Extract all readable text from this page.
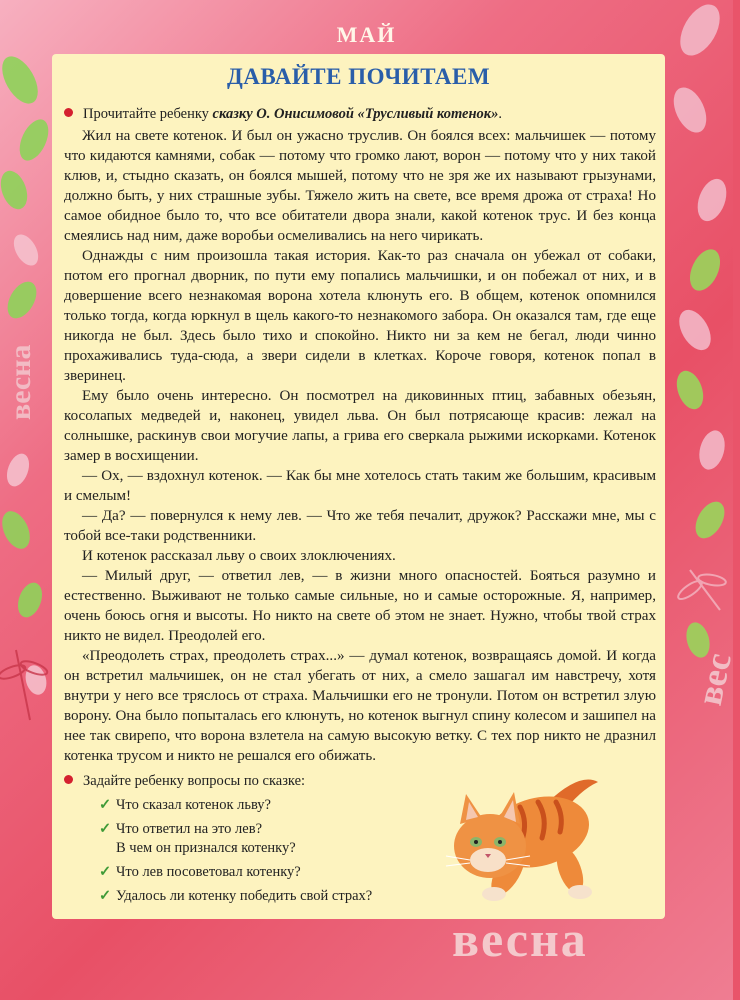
весна
вес
МАЙ
ДАВАЙТЕ ПОЧИТАЕМ
Прочитайте ребенку сказку О. Онисимовой «Трусливый котенок».

Жил на свете котенок. И был он ужасно труслив. Он боялся всех: мальчишек — потому что кидаются камнями, собак — потому что громко лают, ворон — потому что у них такой клюв, и, стыдно сказать, он боялся мышей, потому что не зря же их называют грызунами, должно быть, у них страшные зубы. Тяжело жить на свете, все время дрожа от страха! Но самое обидное было то, что все обитатели двора знали, какой котенок трус. И без конца смеялись над ним, даже воробьи осмеливались на него чирикать.

Однажды с ним произошла такая история. Как-то раз сначала он убежал от собаки, потом его прогнал дворник, по пути ему попались мальчишки, и он побежал от них, и в довершение всего незнакомая ворона хотела клюнуть его. В общем, котенок опомнился только тогда, когда юркнул в щель какого-то незнакомого забора. Он оказался там, где еще никогда не был. Здесь было тихо и спокойно. Никто ни за кем не бегал, люди чинно прохаживались туда-сюда, а звери сидели в клетках. Короче говоря, котенок попал в зверинец.

Ему было очень интересно. Он посмотрел на диковинных птиц, забавных обезьян, косолапых медведей и, наконец, увидел льва. Он был потрясающе красив: лежал на солнышке, раскинув свои могучие лапы, а грива его сверкала рыжими искорками. Котенок замер в восхищении.

— Ох, — вздохнул котенок. — Как бы мне хотелось стать таким же большим, красивым и смелым!

— Да? — повернулся к нему лев. — Что же тебя печалит, дружок? Расскажи мне, мы с тобой все-таки родственники.

И котенок рассказал льву о своих злоключениях.

— Милый друг, — ответил лев, — в жизни много опасностей. Бояться разумно и естественно. Выживают не только самые сильные, но и самые осторожные. Я, например, очень боюсь огня и высоты. Но никто на свете об этом не знает. Нужно, чтобы твой страх никто не видел. Преодолей его.

«Преодолеть страх, преодолеть страх...» — думал котенок, возвращаясь домой. И когда он встретил мальчишек, он не стал убегать от них, а смело зашагал им навстречу, хотя внутри у него все тряслось от страха. Мальчишки его не тронули. Потом он встретил злую ворону. Она было попыталась его клюнуть, но котенок выгнул спину колесом и зашипел на нее так свирепо, что ворона взлетела на самую высокую ветку. С тех пор никто не дразнил котенка трусом и никто не решался его обижать.

Задайте ребенку вопросы по сказке:
✓ Что сказал котенок льву?
✓ Что ответил на это лев?
В чем он признался котенку?
✓ Что лев посоветовал котенку?
✓ Удалось ли котенку победить свой страх?
весна
